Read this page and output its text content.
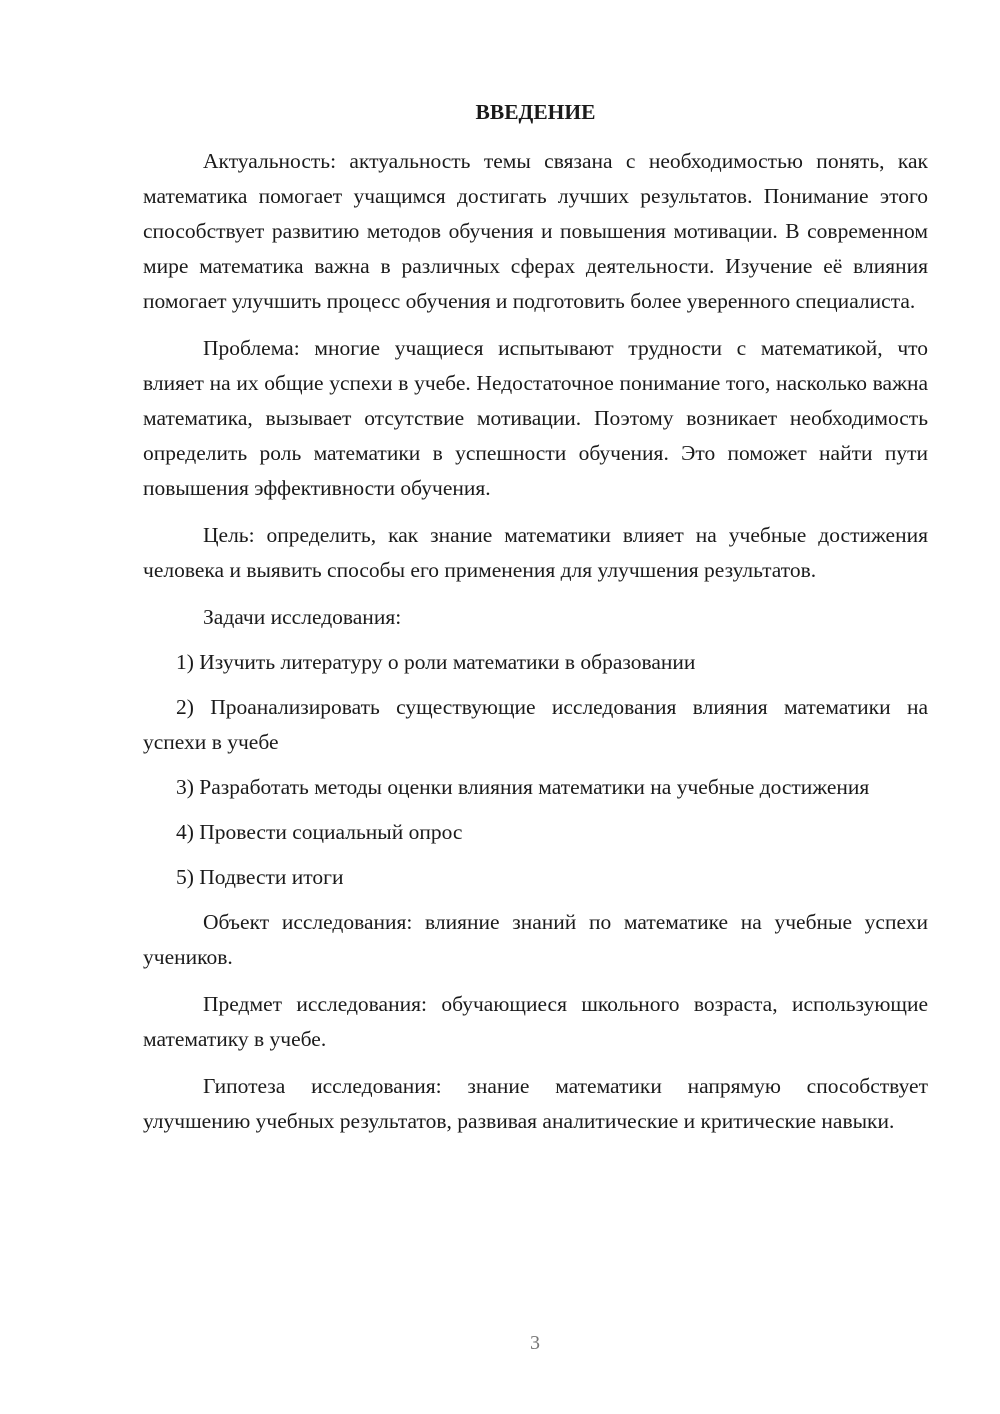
ВВЕДЕНИЕ

Актуальность: актуальность темы связана с необходимостью понять, как математика помогает учащимся достигать лучших результатов. Понимание этого способствует развитию методов обучения и повышения мотивации. В современном мире математика важна в различных сферах деятельности. Изучение её влияния помогает улучшить процесс обучения и подготовить более уверенного специалиста.

Проблема: многие учащиеся испытывают трудности с математикой, что влияет на их общие успехи в учебе. Недостаточное понимание того, насколько важна математика, вызывает отсутствие мотивации. Поэтому возникает необходимость определить роль математики в успешности обучения. Это поможет найти пути повышения эффективности обучения.

Цель: определить, как знание математики влияет на учебные достижения человека и выявить способы его применения для улучшения результатов.

Задачи исследования:

1) Изучить литературу о роли математики в образовании

2) Проанализировать существующие исследования влияния математики на успехи в учебе

3) Разработать методы оценки влияния математики на учебные достижения

4) Провести социальный опрос

5) Подвести итоги

Объект исследования: влияние знаний по математике на учебные успехи учеников.

Предмет исследования: обучающиеся школьного возраста, использующие математику в учебе.

Гипотеза исследования: знание математики напрямую способствует улучшению учебных результатов, развивая аналитические и критические навыки.

3
